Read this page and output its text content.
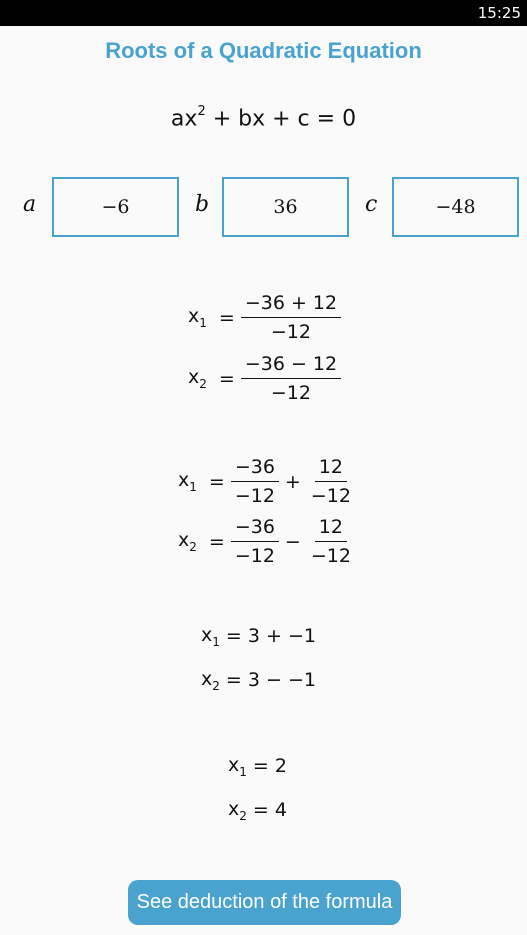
15:25
Roots of a Quadratic Equation
$ax^2$ + bx + c = 0
a	−6	b	36	c	−48
$x_1 = \frac{-36 + 12}{-12}$
$x_2 = \frac{-36 - 12}{-12}$
$x_1 = \frac{-36}{-12} + \frac{12}{-12}$
$x_2 = \frac{-36}{-12} - \frac{12}{-12}$
$x_1 = 3 + -1$
$x_2 = 3 - -1$
$x_1 = 2$
$x_2 = 4$
See deduction of the formula
